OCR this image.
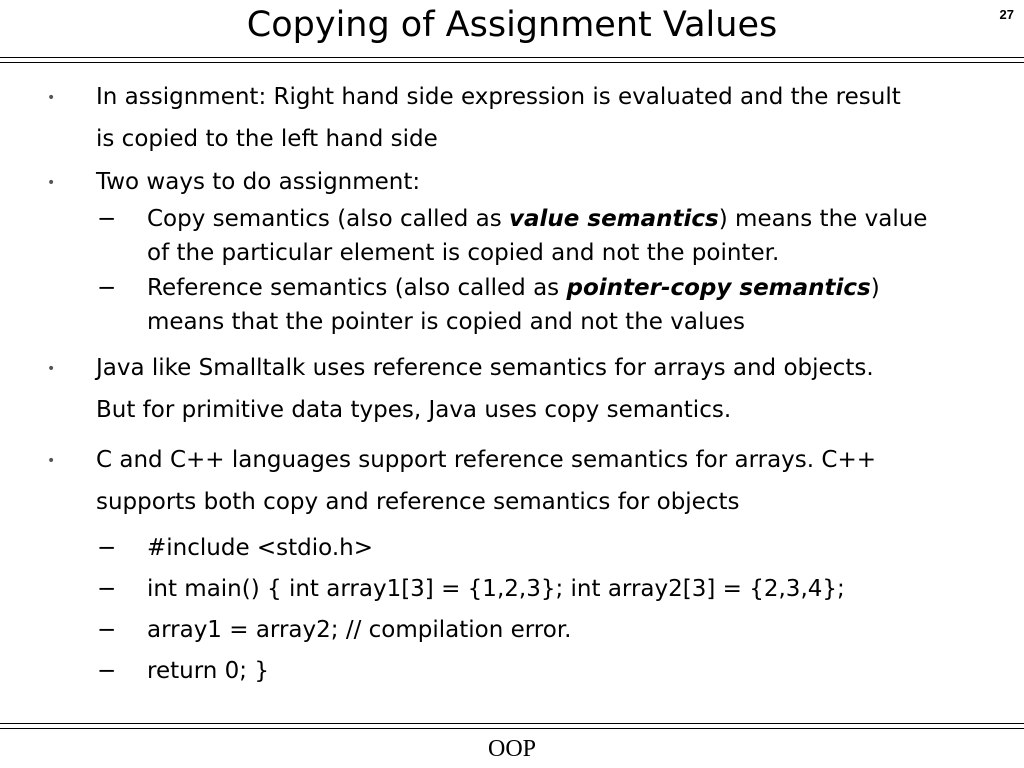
Copying of Assignment Values	27
• In assignment: Right hand side expression is evaluated and the result
is copied to the left hand side
• Two ways to do assignment:
− Copy semantics (also called as value semantics) means the value
of the particular element is copied and not the pointer.
− Reference semantics (also called as pointer-copy semantics)
means that the pointer is copied and not the values
• Java like Smalltalk uses reference semantics for arrays and objects.
But for primitive data types, Java uses copy semantics.
• C and C++ languages support reference semantics for arrays. C++
supports both copy and reference semantics for objects
− #include <stdio.h>
− int main() { int array1[3] = {1,2,3}; int array2[3] = {2,3,4};
− array1 = array2; // compilation error.
− return 0; }
OOP
